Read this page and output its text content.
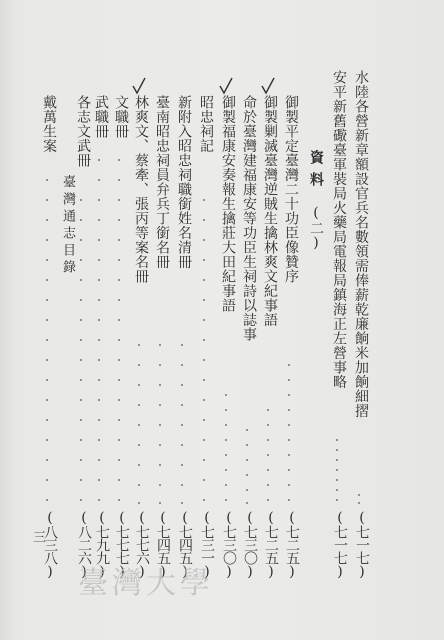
水陸各營新章額設官兵名數領需俸薪乾廉餉米加餉細摺
(七一七)
安平新舊礮臺軍裝局火藥局電報局鎮海正左營事略
(七一七)
資料
(二)
御製平定臺灣二十功臣像贊序
(七二五)
御製剿滅臺灣逆賊生擒林爽文紀事語
(七二五)
命於臺灣建福康安等功臣生祠詩以誌事
(七三〇)
御製福康安奏報生擒莊大田紀事語
(七三〇)
昭忠祠記
(七三一)
新附入昭忠祠職銜姓名清冊
(七四五)
臺南昭忠祠員弁兵丁銜名冊
(七四五)
林爽文、蔡牽、張丙等案名冊
(七七六)
文職冊
(七七七)
武職冊
(七九九)
各志文武冊
(八二六)
戴萬生案
(八三八)
臺灣通志目錄
三
臺灣大學
